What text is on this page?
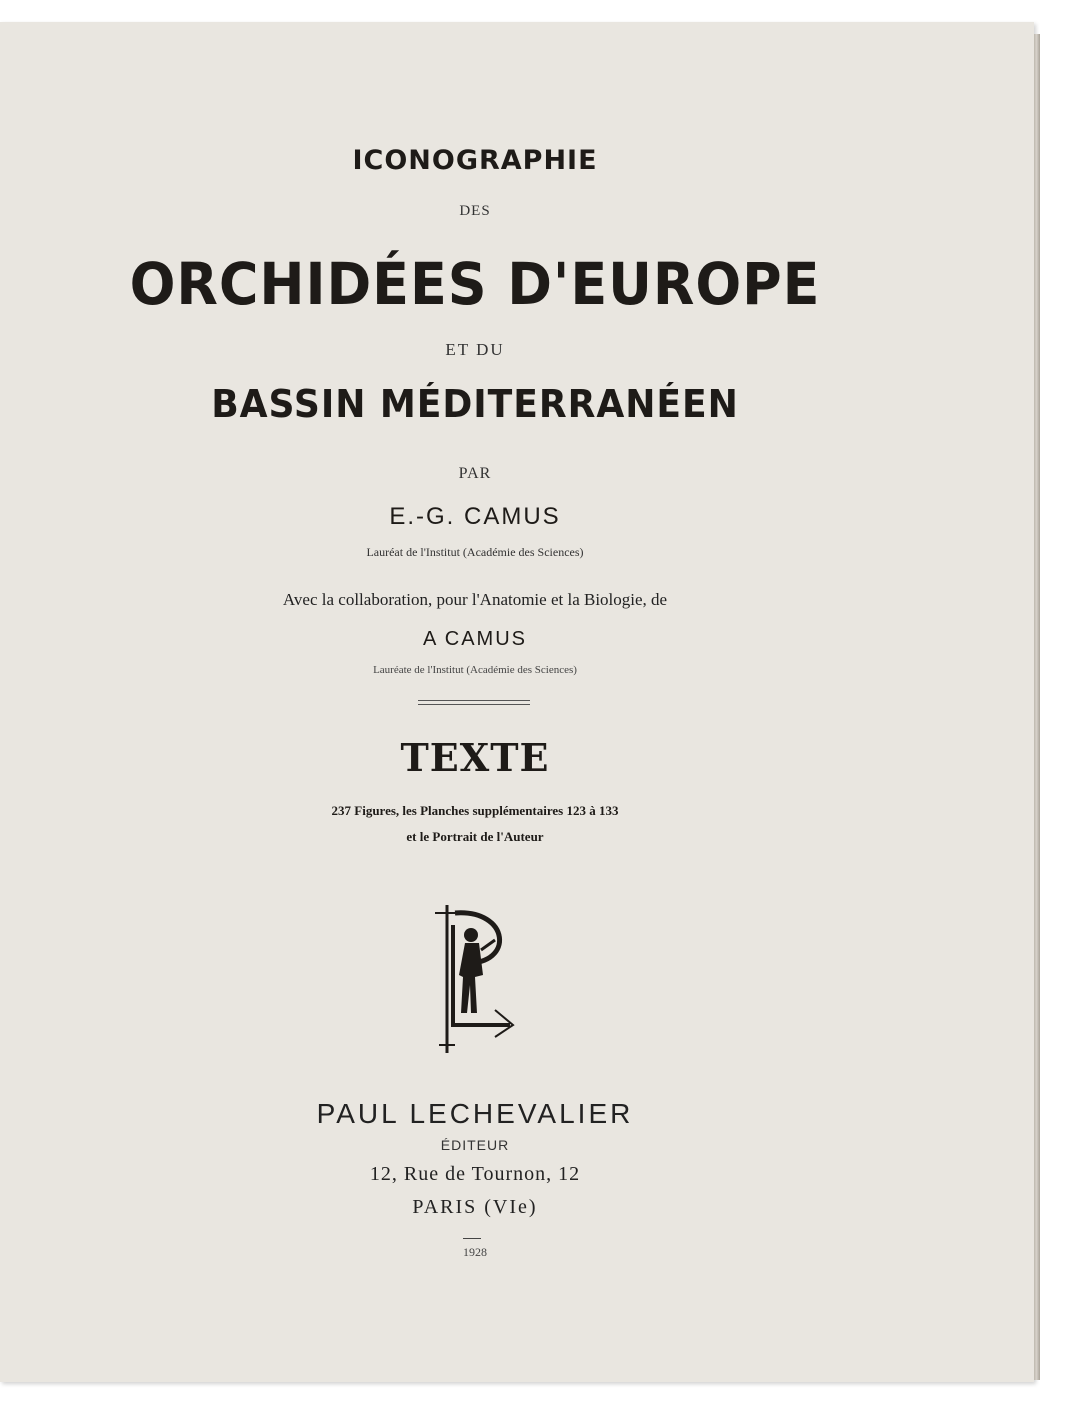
ICONOGRAPHIE
DES
ORCHIDÉES D'EUROPE
ET DU
BASSIN MÉDITERRANÉEN
PAR
E.-G. CAMUS
Lauréat de l'Institut (Académie des Sciences)
Avec la collaboration, pour l'Anatomie et la Biologie, de
A CAMUS
Lauréate de l'Institut (Académie des Sciences)
TEXTE
237 Figures, les Planches supplémentaires 123 à 133
et le Portrait de l'Auteur
PAUL LECHEVALIER
ÉDITEUR
12, Rue de Tournon, 12
PARIS (VIe)
1928
